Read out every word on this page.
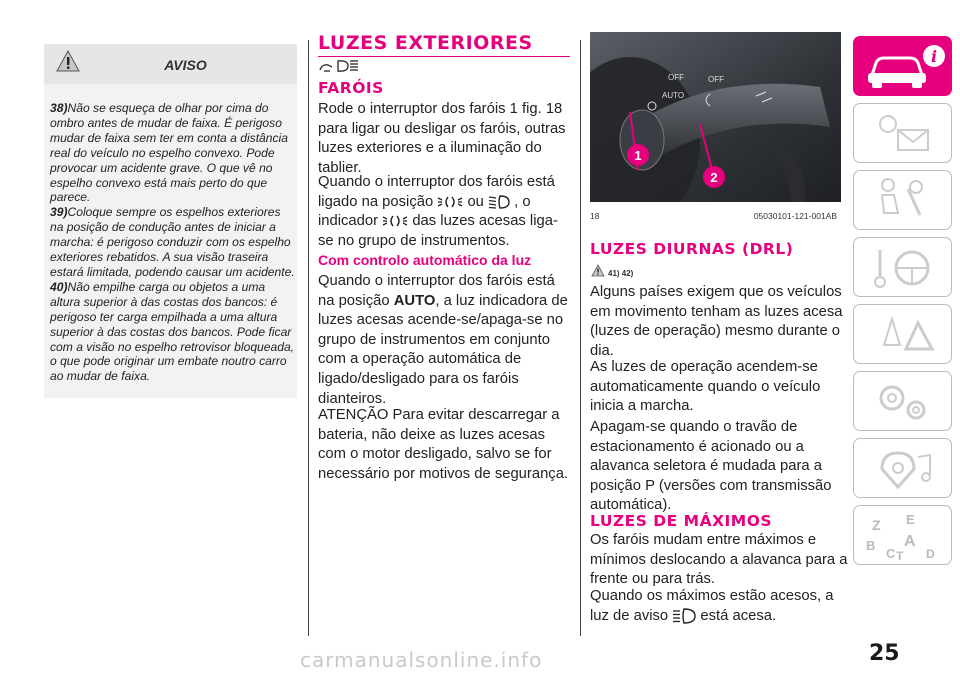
AVISO
38)Não se esqueça de olhar por cima do ombro antes de mudar de faixa. É perigoso mudar de faixa sem ter em conta a distância real do veículo no espelho convexo. Pode provocar um acidente grave. O que vê no espelho convexo está mais perto do que parece.
39)Coloque sempre os espelhos exteriores na posição de condução antes de iniciar a marcha: é perigoso conduzir com os espelho exteriores rebatidos. A sua visão traseira estará limitada, podendo causar um acidente.
40)Não empilhe carga ou objetos a uma altura superior à das costas dos bancos: é perigoso ter carga empilhada a uma altura superior à das costas dos bancos. Pode ficar com a visão no espelho retrovisor bloqueada, o que pode originar um embate noutro carro ao mudar de faixa.
LUZES EXTERIORES
FARÓIS
Rode o interruptor dos faróis 1 fig. 18 para ligar ou desligar os faróis, outras luzes exteriores e a iluminação do tablier.
Quando o interruptor dos faróis está ligado na posição ou , o indicador das luzes acesas liga-se no grupo de instrumentos.
Com controlo automático da luz
Quando o interruptor dos faróis está na posição AUTO, a luz indicadora de luzes acesas acende-se/apaga-se no grupo de instrumentos em conjunto com a operação automática de ligado/desligado para os faróis dianteiros.
ATENÇÃO Para evitar descarregar a bateria, não deixe as luzes acesas com o motor desligado, salvo se for necessário por motivos de segurança.
OFF	OFF
AUTO
1
2
18	05030101-121-001AB
LUZES DIURNAS (DRL)
41) 42)
Alguns países exigem que os veículos em movimento tenham as luzes acesa (luzes de operação) mesmo durante o dia.
As luzes de operação acendem-se automaticamente quando o veículo inicia a marcha.
Apagam-se quando o travão de estacionamento é acionado ou a alavanca seletora é mudada para a posição P (versões com transmissão automática).
LUZES DE MÁXIMOS
Os faróis mudam entre máximos e mínimos deslocando a alavanca para a frente ou para trás.
Quando os máximos estão acesos, a luz de aviso está acesa.
i
Z E
B A
C T D
25
carmanualsonline.info
